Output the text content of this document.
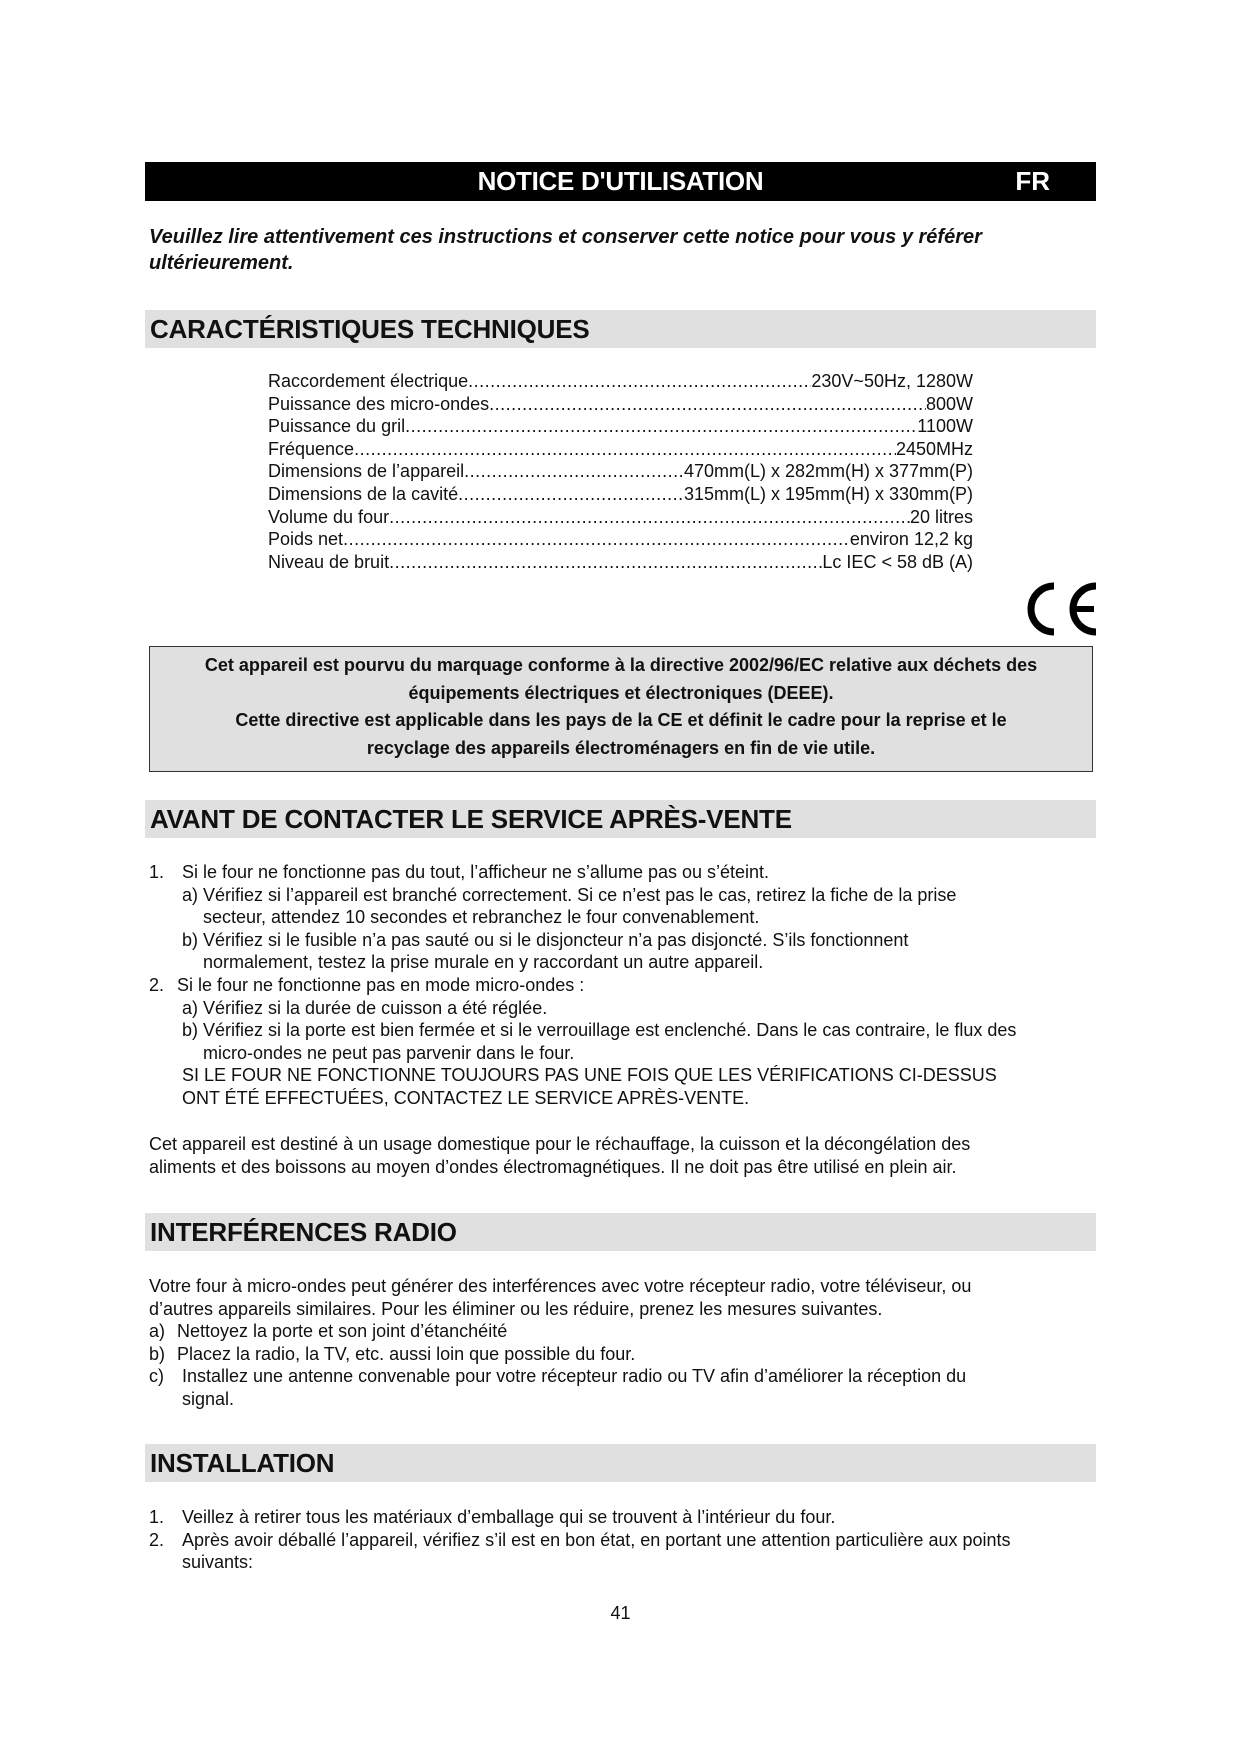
NOTICE D'UTILISATION	FR
Veuillez lire attentivement ces instructions et conserver cette notice pour vous y référer ultérieurement.
CARACTÉRISTIQUES TECHNIQUES
Raccordement électrique .....	230V~50Hz, 1280W
Puissance des micro-ondes .....	800W
Puissance du gril .....	1100W
Fréquence .....	2450MHz
Dimensions de l’appareil .....	470mm(L) x 282mm(H) x 377mm(P)
Dimensions de la cavité .....	315mm(L) x 195mm(H) x 330mm(P)
Volume du four .....	20 litres
Poids net .....	environ 12,2 kg
Niveau de bruit .....	Lc IEC < 58 dB (A)
Cet appareil est pourvu du marquage conforme à la directive 2002/96/EC relative aux déchets des
équipements électriques et électroniques (DEEE).
Cette directive est applicable dans les pays de la CE et définit le cadre pour la reprise et le
recyclage des appareils électroménagers en fin de vie utile.
AVANT DE CONTACTER LE SERVICE APRÈS-VENTE
1. Si le four ne fonctionne pas du tout, l’afficheur ne s’allume pas ou s’éteint.
a) Vérifiez si l’appareil est branché correctement. Si ce n’est pas le cas, retirez la fiche de la prise
secteur, attendez 10 secondes et rebranchez le four convenablement.
b) Vérifiez si le fusible n’a pas sauté ou si le disjoncteur n’a pas disjoncté. S’ils fonctionnent
normalement, testez la prise murale en y raccordant un autre appareil.
2. Si le four ne fonctionne pas en mode micro-ondes :
a) Vérifiez si la durée de cuisson a été réglée.
b) Vérifiez si la porte est bien fermée et si le verrouillage est enclenché. Dans le cas contraire, le flux des
micro-ondes ne peut pas parvenir dans le four.
SI LE FOUR NE FONCTIONNE TOUJOURS PAS UNE FOIS QUE LES VÉRIFICATIONS CI-DESSUS
ONT ÉTÉ EFFECTUÉES, CONTACTEZ LE SERVICE APRÈS-VENTE.
Cet appareil est destiné à un usage domestique pour le réchauffage, la cuisson et la décongélation des
aliments et des boissons au moyen d’ondes électromagnétiques. Il ne doit pas être utilisé en plein air.
INTERFÉRENCES RADIO
Votre four à micro-ondes peut générer des interférences avec votre récepteur radio, votre téléviseur, ou
d’autres appareils similaires. Pour les éliminer ou les réduire, prenez les mesures suivantes.
a) Nettoyez la porte et son joint d’étanchéité
b) Placez la radio, la TV, etc. aussi loin que possible du four.
c) Installez une antenne convenable pour votre récepteur radio ou TV afin d’améliorer la réception du
signal.
INSTALLATION
1. Veillez à retirer tous les matériaux d’emballage qui se trouvent à l’intérieur du four.
2. Après avoir déballé l’appareil, vérifiez s’il est en bon état, en portant une attention particulière aux points
suivants:
41
